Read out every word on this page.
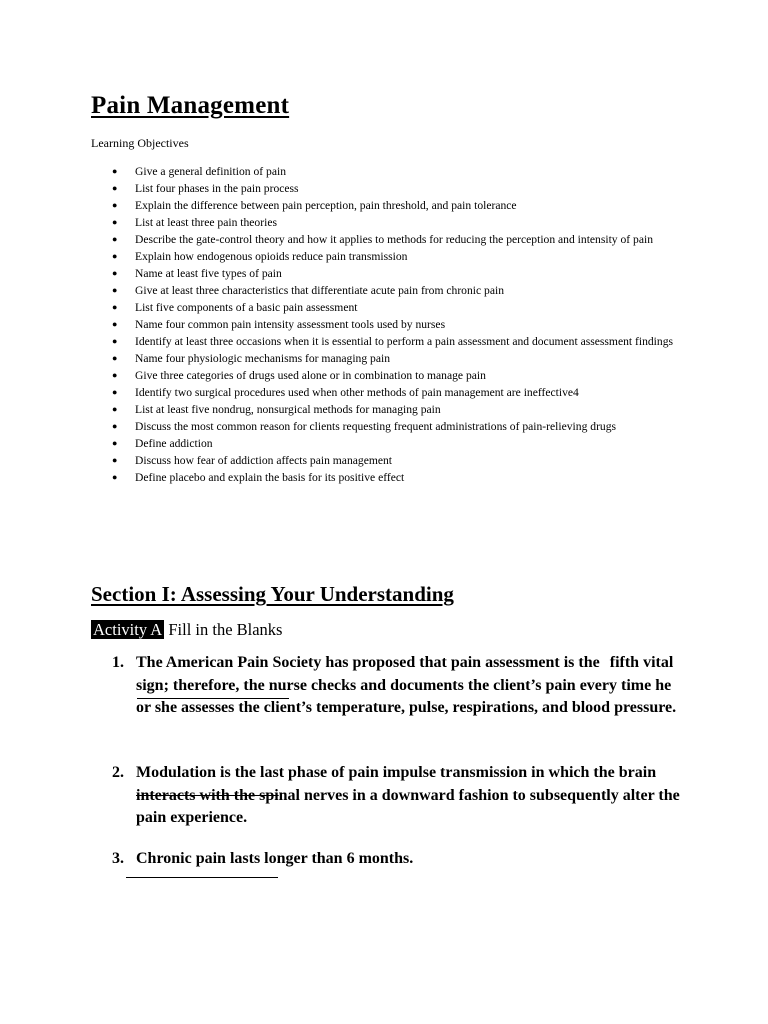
Pain Management

Learning Objectives

● Give a general definition of pain
● List four phases in the pain process
● Explain the difference between pain perception, pain threshold, and pain tolerance
● List at least three pain theories
● Describe the gate-control theory and how it applies to methods for reducing the perception and intensity of pain
● Explain how endogenous opioids reduce pain transmission
● Name at least five types of pain
● Give at least three characteristics that differentiate acute pain from chronic pain
● List five components of a basic pain assessment
● Name four common pain intensity assessment tools used by nurses
● Identify at least three occasions when it is essential to perform a pain assessment and document assessment findings
● Name four physiologic mechanisms for managing pain
● Give three categories of drugs used alone or in combination to manage pain
● Identify two surgical procedures used when other methods of pain management are ineffective4
● List at least five nondrug, nonsurgical methods for managing pain
● Discuss the most common reason for clients requesting frequent administrations of pain-relieving drugs
● Define addiction
● Discuss how fear of addiction affects pain management
● Define placebo and explain the basis for its positive effect
Section I: Assessing Your Understanding
Activity A Fill in the Blanks
1. The American Pain Society has proposed that pain assessment is the fifth vital sign; therefore, the nurse checks and documents the client’s pain every time he or she assesses the client’s temperature, pulse, respirations, and blood pressure.
2. Modulation is the last phase of pain impulse transmission in which the brain interacts with the spinal nerves in a downward fashion to subsequently alter the pain experience.
3. Chronic pain lasts longer than 6 months.
